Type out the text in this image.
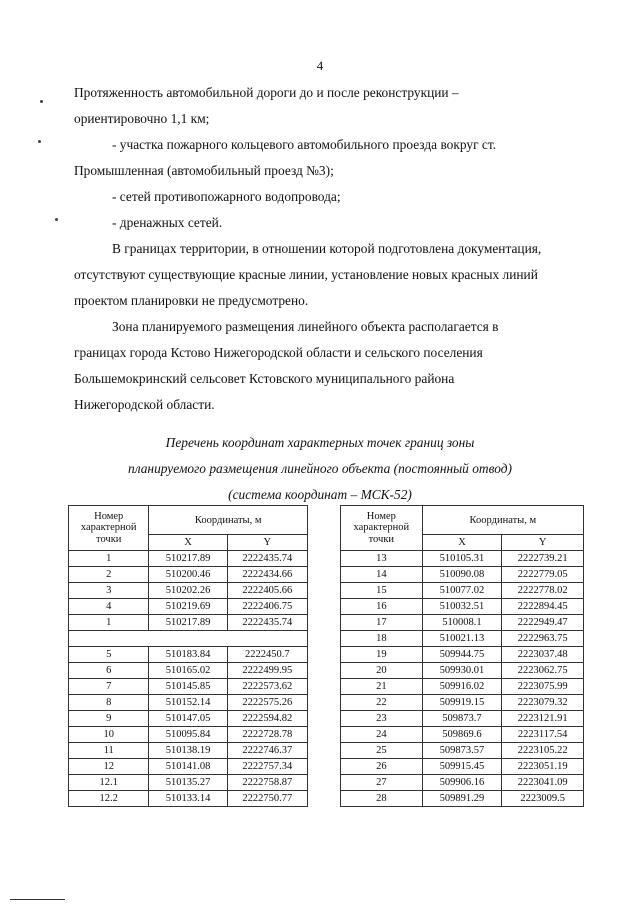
4

Протяженность автомобильной дороги до и после реконструкции –

ориентировочно 1,1 км;

- участка пожарного кольцевого автомобильного проезда вокруг ст.

Промышленная (автомобильный проезд №3);

- сетей противопожарного водопровода;

- дренажных сетей.

В границах территории, в отношении которой подготовлена документация,

отсутствуют существующие красные линии, установление новых красных линий

проектом планировки не предусмотрено.

Зона планируемого размещения линейного объекта располагается в

границах города Кстово Нижегородской области и сельского поселения

Большемокринский сельсовет Кстовского муниципального района

Нижегородской области.

Перечень координат характерных точек границ зоны
планируемого размещения линейного объекта (постоянный отвод)
(система координат – МСК-52)
Номер
характерной
точки	Координаты, м	
	X	Y
1	510217.89	2222435.74
2	510200.46	2222434.66
3	510202.26	2222405.66
4	510219.69	2222406.75
1	510217.89	2222435.74

5	510183.84	2222450.7
6	510165.02	2222499.95
7	510145.85	2222573.62
8	510152.14	2222575.26
9	510147.05	2222594.82
10	510095.84	2222728.78
11	510138.19	2222746.37
12	510141.08	2222757.34
12.1	510135.27	2222758.87
12.2	510133.14	2222750.77
Номер
характерной
точки	Координаты, м	
	X	Y
13	510105.31	2222739.21
14	510090.08	2222779.05
15	510077.02	2222778.02
16	510032.51	2222894.45
17	510008.1	2222949.47
18	510021.13	2222963.75
19	509944.75	2223037.48
20	509930.01	2223062.75
21	509916.02	2223075.99
22	509919.15	2223079.32
23	509873.7	2223121.91
24	509869.6	2223117.54
25	509873.57	2223105.22
26	509915.45	2223051.19
27	509906.16	2223041.09
28	509891.29	2223009.5
